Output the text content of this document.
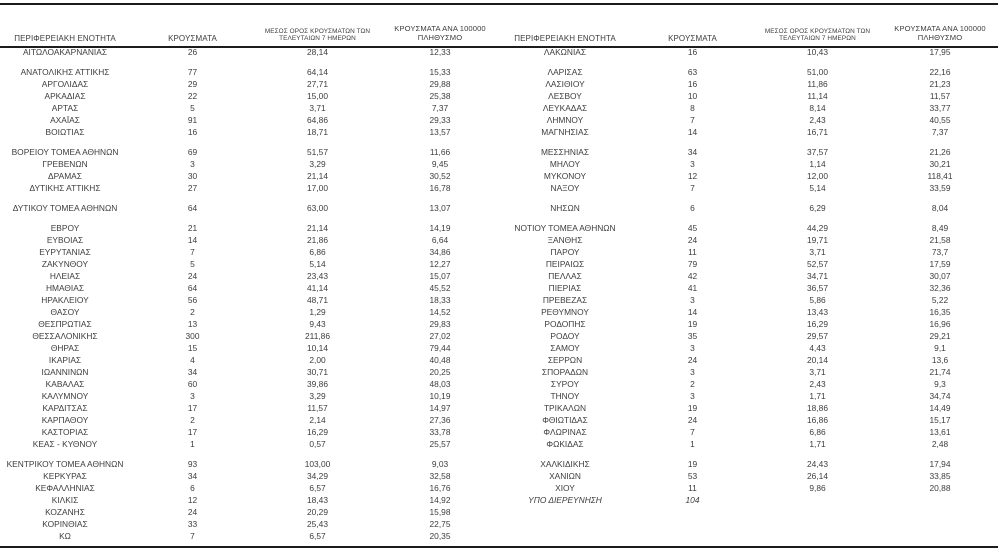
ΠΕΡΙΦΕΡΕΙΑΚΗ ΕΝΟΤΗΤΑ	ΚΡΟΥΣΜΑΤΑ
ΜΕΣΟΣ ΟΡΟΣ ΚΡΟΥΣΜΑΤΩΝ ΤΩΝ
ΤΕΛΕΥΤΑΙΩΝ 7 ΗΜΕΡΩΝ
ΚΡΟΥΣΜΑΤΑ ΑΝΑ 100000
ΠΛΗΘΥΣΜΟ
ΑΙΤΩΛΟΑΚΑΡΝΑΝΙΑΣ	26	28,14	12,33
ΑΝΑΤΟΛΙΚΗΣ ΑΤΤΙΚΗΣ	77	64,14	15,33
ΑΡΓΟΛΙΔΑΣ	29	27,71	29,88
ΑΡΚΑΔΙΑΣ	22	15,00	25,38
ΑΡΤΑΣ	5	3,71	7,37
ΑΧΑΪΑΣ	91	64,86	29,33
ΒΟΙΩΤΙΑΣ	16	18,71	13,57
ΒΟΡΕΙΟΥ ΤΟΜΕΑ ΑΘΗΝΩΝ	69	51,57	11,66
ΓΡΕΒΕΝΩΝ	3	3,29	9,45
ΔΡΑΜΑΣ	30	21,14	30,52
ΔΥΤΙΚΗΣ ΑΤΤΙΚΗΣ	27	17,00	16,78
ΔΥΤΙΚΟΥ ΤΟΜΕΑ ΑΘΗΝΩΝ	64	63,00	13,07
ΕΒΡΟΥ	21	21,14	14,19
ΕΥΒΟΙΑΣ	14	21,86	6,64
ΕΥΡΥΤΑΝΙΑΣ	7	6,86	34,86
ΖΑΚΥΝΘΟΥ	5	5,14	12,27
ΗΛΕΙΑΣ	24	23,43	15,07
ΗΜΑΘΙΑΣ	64	41,14	45,52
ΗΡΑΚΛΕΙΟΥ	56	48,71	18,33
ΘΑΣΟΥ	2	1,29	14,52
ΘΕΣΠΡΩΤΙΑΣ	13	9,43	29,83
ΘΕΣΣΑΛΟΝΙΚΗΣ	300	211,86	27,02
ΘΗΡΑΣ	15	10,14	79,44
ΙΚΑΡΙΑΣ	4	2,00	40,48
ΙΩΑΝΝΙΝΩΝ	34	30,71	20,25
ΚΑΒΑΛΑΣ	60	39,86	48,03
ΚΑΛΥΜΝΟΥ	3	3,29	10,19
ΚΑΡΔΙΤΣΑΣ	17	11,57	14,97
ΚΑΡΠΑΘΟΥ	2	2,14	27,36
ΚΑΣΤΟΡΙΑΣ	17	16,29	33,78
ΚΕΑΣ - ΚΥΘΝΟΥ	1	0,57	25,57
ΚΕΝΤΡΙΚΟΥ ΤΟΜΕΑ ΑΘΗΝΩΝ	93	103,00	9,03
ΚΕΡΚΥΡΑΣ	34	34,29	32,58
ΚΕΦΑΛΛΗΝΙΑΣ	6	6,57	16,76
ΚΙΛΚΙΣ	12	18,43	14,92
ΚΟΖΑΝΗΣ	24	20,29	15,98
ΚΟΡΙΝΘΙΑΣ	33	25,43	22,75
ΚΩ	7	6,57	20,35
ΠΕΡΙΦΕΡΕΙΑΚΗ ΕΝΟΤΗΤΑ	ΚΡΟΥΣΜΑΤΑ
ΜΕΣΟΣ ΟΡΟΣ ΚΡΟΥΣΜΑΤΩΝ ΤΩΝ
ΤΕΛΕΥΤΑΙΩΝ 7 ΗΜΕΡΩΝ
ΚΡΟΥΣΜΑΤΑ ΑΝΑ 100000
ΠΛΗΘΥΣΜΟ
ΛΑΚΩΝΙΑΣ	16	10,43	17,95
ΛΑΡΙΣΑΣ	63	51,00	22,16
ΛΑΣΙΘΙΟΥ	16	11,86	21,23
ΛΕΣΒΟΥ	10	11,14	11,57
ΛΕΥΚΑΔΑΣ	8	8,14	33,77
ΛΗΜΝΟΥ	7	2,43	40,55
ΜΑΓΝΗΣΙΑΣ	14	16,71	7,37
ΜΕΣΣΗΝΙΑΣ	34	37,57	21,26
ΜΗΛΟΥ	3	1,14	30,21
ΜΥΚΟΝΟΥ	12	12,00	118,41
ΝΑΞΟΥ	7	5,14	33,59
ΝΗΣΩΝ	6	6,29	8,04
ΝΟΤΙΟΥ ΤΟΜΕΑ ΑΘΗΝΩΝ	45	44,29	8,49
ΞΑΝΘΗΣ	24	19,71	21,58
ΠΑΡΟΥ	11	3,71	73,7
ΠΕΙΡΑΙΩΣ	79	52,57	17,59
ΠΕΛΛΑΣ	42	34,71	30,07
ΠΙΕΡΙΑΣ	41	36,57	32,36
ΠΡΕΒΕΖΑΣ	3	5,86	5,22
ΡΕΘΥΜΝΟΥ	14	13,43	16,35
ΡΟΔΟΠΗΣ	19	16,29	16,96
ΡΟΔΟΥ	35	29,57	29,21
ΣΑΜΟΥ	3	4,43	9,1
ΣΕΡΡΩΝ	24	20,14	13,6
ΣΠΟΡΑΔΩΝ	3	3,71	21,74
ΣΥΡΟΥ	2	2,43	9,3
ΤΗΝΟΥ	3	1,71	34,74
ΤΡΙΚΑΛΩΝ	19	18,86	14,49
ΦΘΙΩΤΙΔΑΣ	24	16,86	15,17
ΦΛΩΡΙΝΑΣ	7	6,86	13,61
ΦΩΚΙΔΑΣ	1	1,71	2,48
ΧΑΛΚΙΔΙΚΗΣ	19	24,43	17,94
ΧΑΝΙΩΝ	53	26,14	33,85
ΧΙΟΥ	11	9,86	20,88
ΥΠΟ ΔΙΕΡΕΥΝΗΣΗ	104
